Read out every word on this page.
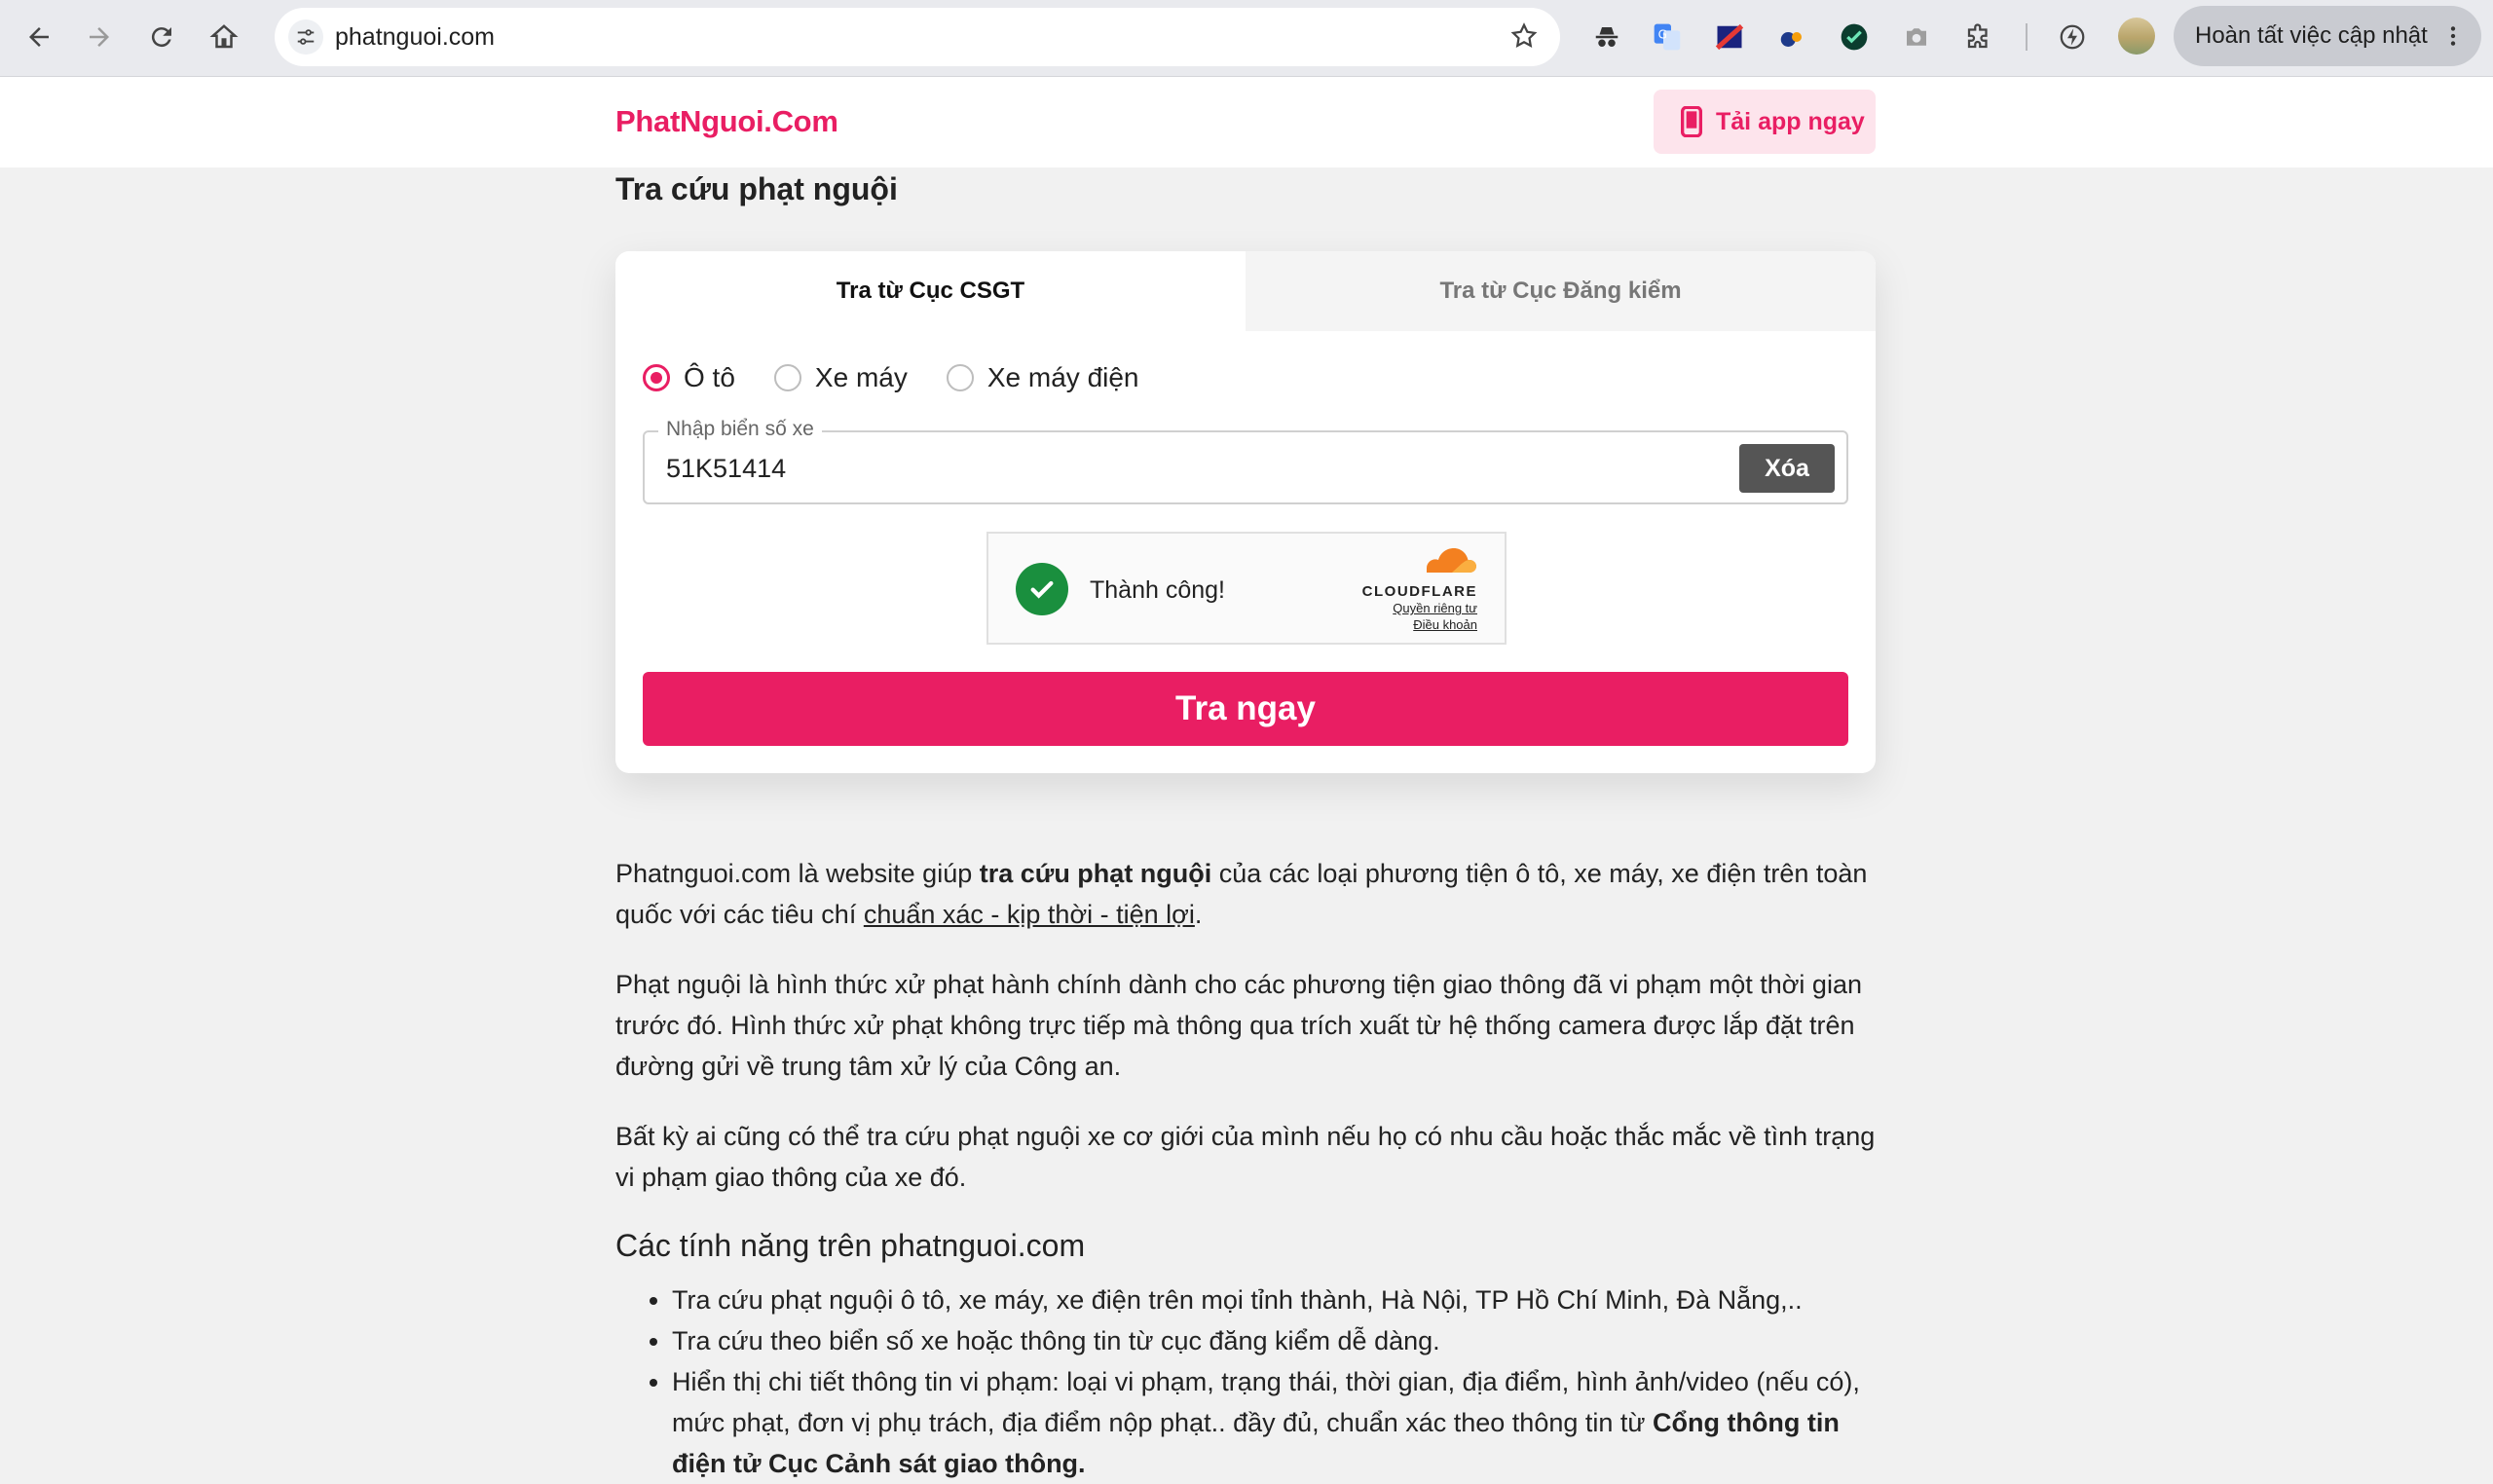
phatnguoi.com	G	Hoàn tất việc cập nhật
PhatNguoi.Com	Tải app ngay
Tra cứu phạt nguội
Tra từ Cục CSGT	Tra từ Cục Đăng kiểm
Ô tô	Xe máy	Xe máy điện
Nhập biển số xe
51K51414	Xóa
Thành công!	CLOUDFLARE
Quyền riêng tư
Điều khoản
Tra ngay

Phatnguoi.com là website giúp tra cứu phạt nguội của các loại phương tiện ô tô, xe máy, xe điện trên toàn quốc với các tiêu chí chuẩn xác - kịp thời - tiện lợi.

Phạt nguội là hình thức xử phạt hành chính dành cho các phương tiện giao thông đã vi phạm một thời gian trước đó. Hình thức xử phạt không trực tiếp mà thông qua trích xuất từ hệ thống camera được lắp đặt trên đường gửi về trung tâm xử lý của Công an.

Bất kỳ ai cũng có thể tra cứu phạt nguội xe cơ giới của mình nếu họ có nhu cầu hoặc thắc mắc về tình trạng vi phạm giao thông của xe đó.

Các tính năng trên phatnguoi.com
• Tra cứu phạt nguội ô tô, xe máy, xe điện trên mọi tỉnh thành, Hà Nội, TP Hồ Chí Minh, Đà Nẵng,..
• Tra cứu theo biển số xe hoặc thông tin từ cục đăng kiểm dễ dàng.
• Hiển thị chi tiết thông tin vi phạm: loại vi phạm, trạng thái, thời gian, địa điểm, hình ảnh/video (nếu có), mức phạt, đơn vị phụ trách, địa điểm nộp phạt.. đầy đủ, chuẩn xác theo thông tin từ Cổng thông tin điện tử Cục Cảnh sát giao thông.
